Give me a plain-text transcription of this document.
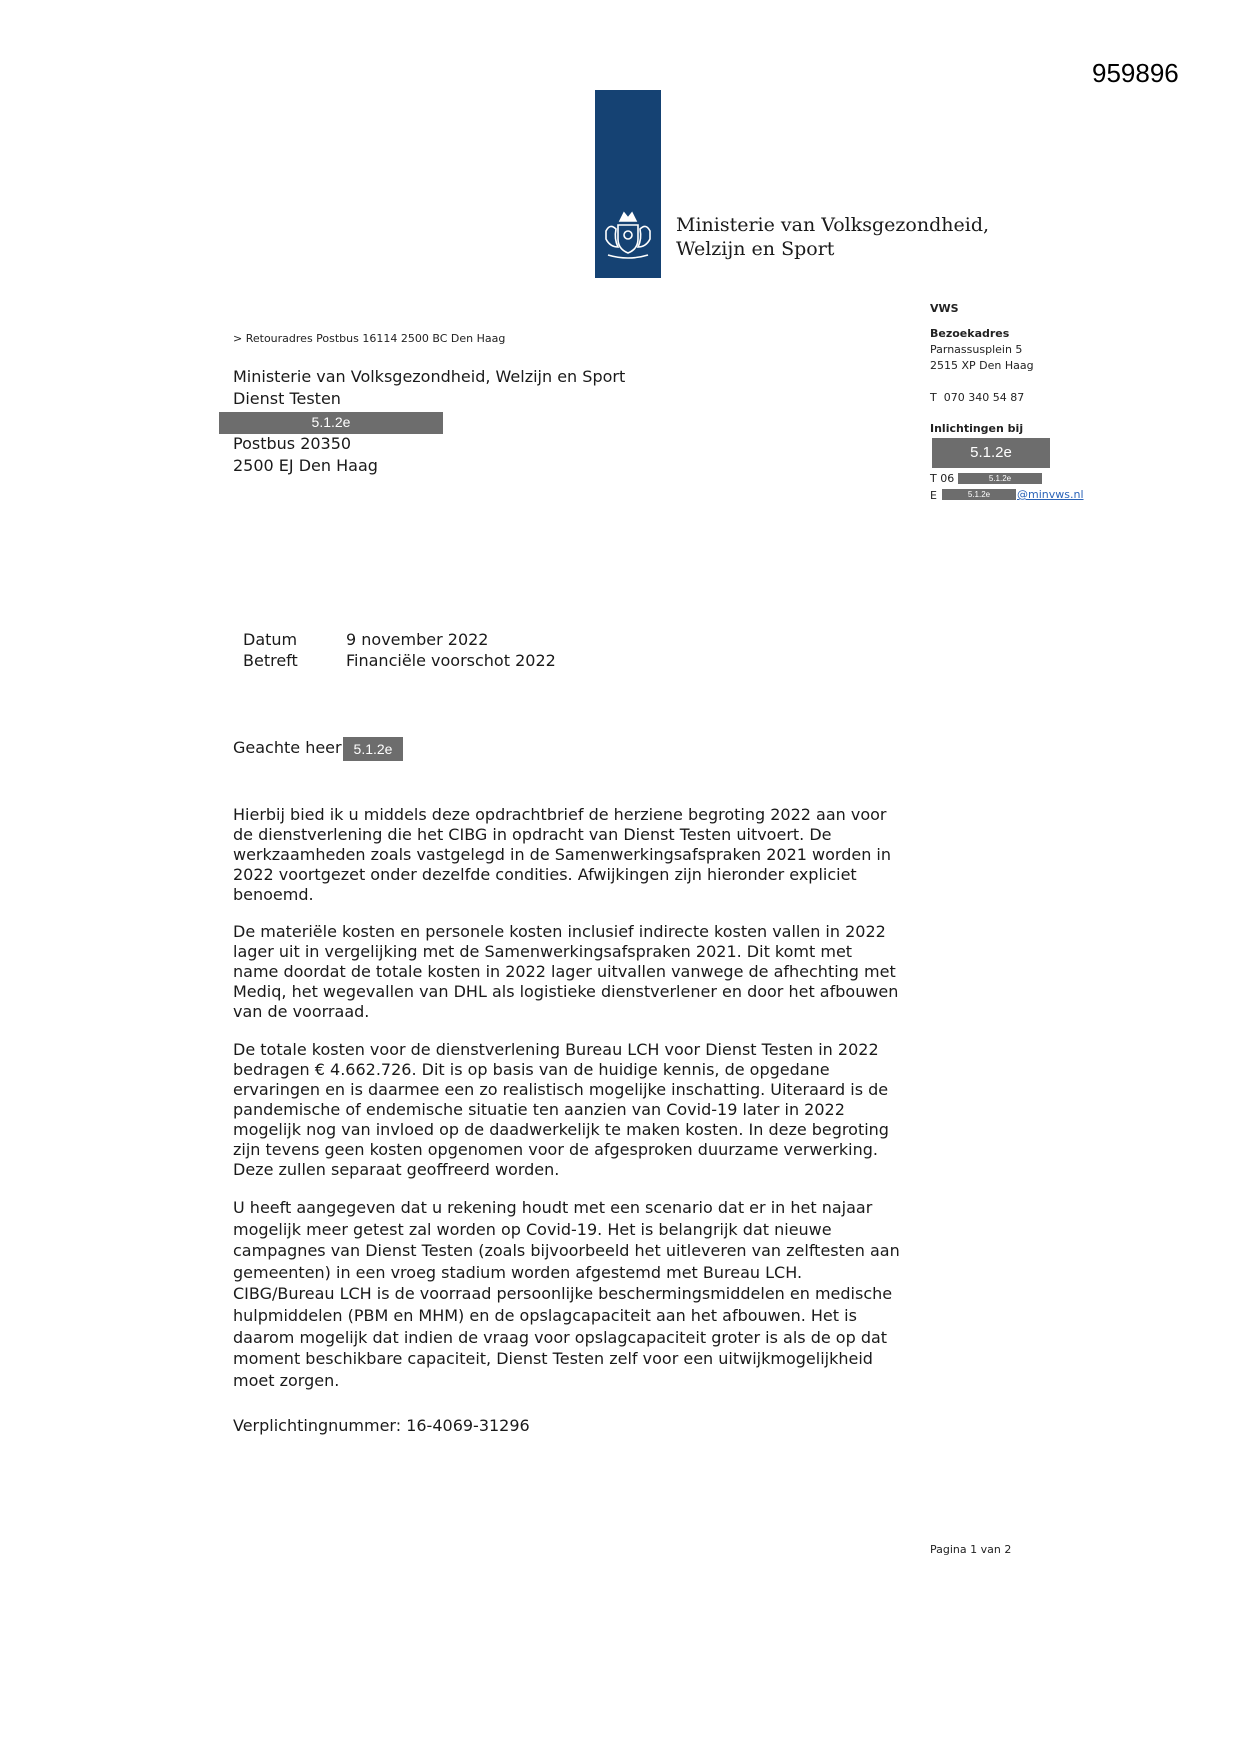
959896
Ministerie van Volksgezondheid,
Welzijn en Sport
> Retouradres Postbus 16114 2500 BC Den Haag
Ministerie van Volksgezondheid, Welzijn en Sport
Dienst Testen
5.1.2e
Postbus 20350
2500 EJ Den Haag
VWS
Bezoekadres
Parnassusplein 5
2515 XP Den Haag
T  070 340 54 87
Inlichtingen bij
5.1.2e
T 06	5.1.2e
E	5.1.2e	@minvws.nl
Datum	9 november 2022
Betreft	Financiële voorschot 2022
Geachte heer 5.1.2e

Hierbij bied ik u middels deze opdrachtbrief de herziene begroting 2022 aan voor
de dienstverlening die het CIBG in opdracht van Dienst Testen uitvoert. De
werkzaamheden zoals vastgelegd in de Samenwerkingsafspraken 2021 worden in
2022 voortgezet onder dezelfde condities. Afwijkingen zijn hieronder expliciet
benoemd.

De materiële kosten en personele kosten inclusief indirecte kosten vallen in 2022
lager uit in vergelijking met de Samenwerkingsafspraken 2021. Dit komt met
name doordat de totale kosten in 2022 lager uitvallen vanwege de afhechting met
Mediq, het wegevallen van DHL als logistieke dienstverlener en door het afbouwen
van de voorraad.

De totale kosten voor de dienstverlening Bureau LCH voor Dienst Testen in 2022
bedragen € 4.662.726. Dit is op basis van de huidige kennis, de opgedane
ervaringen en is daarmee een zo realistisch mogelijke inschatting. Uiteraard is de
pandemische of endemische situatie ten aanzien van Covid-19 later in 2022
mogelijk nog van invloed op de daadwerkelijk te maken kosten. In deze begroting
zijn tevens geen kosten opgenomen voor de afgesproken duurzame verwerking.
Deze zullen separaat geoffreerd worden.

U heeft aangegeven dat u rekening houdt met een scenario dat er in het najaar
mogelijk meer getest zal worden op Covid-19. Het is belangrijk dat nieuwe
campagnes van Dienst Testen (zoals bijvoorbeeld het uitleveren van zelftesten aan
gemeenten) in een vroeg stadium worden afgestemd met Bureau LCH.
CIBG/Bureau LCH is de voorraad persoonlijke beschermingsmiddelen en medische
hulpmiddelen (PBM en MHM) en de opslagcapaciteit aan het afbouwen. Het is
daarom mogelijk dat indien de vraag voor opslagcapaciteit groter is als de op dat
moment beschikbare capaciteit, Dienst Testen zelf voor een uitwijkmogelijkheid
moet zorgen.

Verplichtingnummer: 16-4069-31296

Pagina 1 van 2
